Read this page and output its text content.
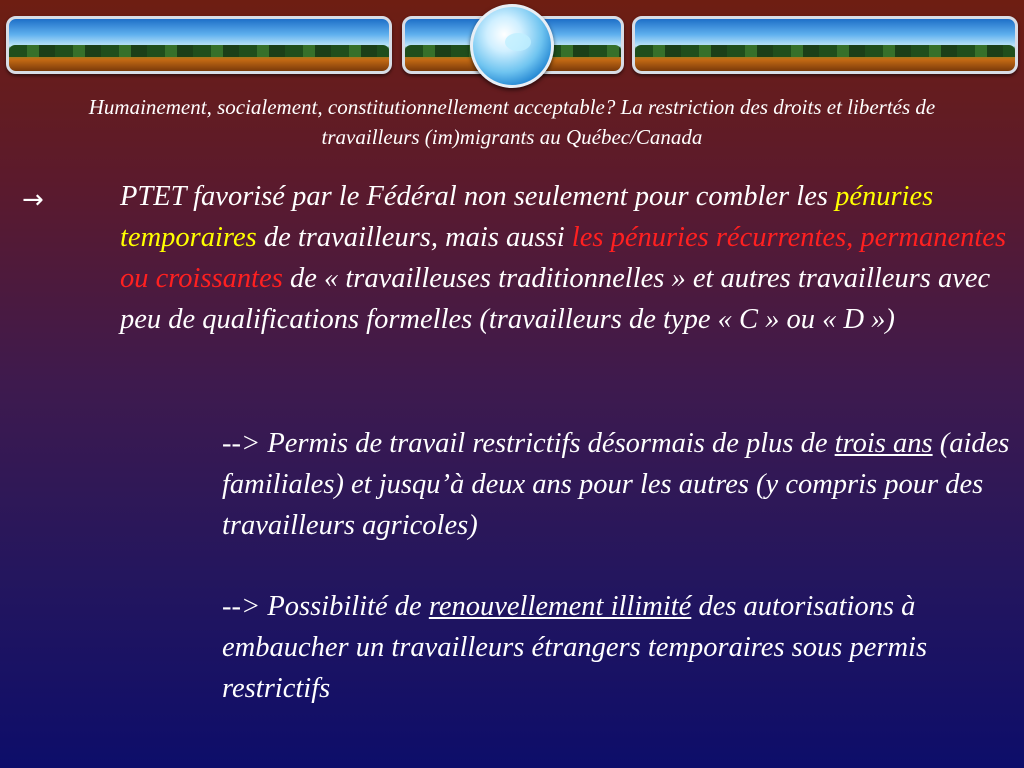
Humainement, socialement, constitutionnellement acceptable? La restriction des droits et libertés de travailleurs (im)migrants au Québec/Canada
→	PTET favorisé par le Fédéral non seulement pour combler les pénuries temporaires de travailleurs, mais aussi les pénuries récurrentes, permanentes ou croissantes de « travailleuses traditionnelles » et autres travailleurs avec peu de qualifications formelles (travailleurs de type « C » ou « D »)
--> Permis de travail restrictifs désormais de plus de trois ans (aides familiales) et jusqu’à deux ans pour les autres (y compris pour des travailleurs agricoles)
--> Possibilité de renouvellement illimité des autorisations à embaucher un travailleurs étrangers temporaires sous permis restrictifs
